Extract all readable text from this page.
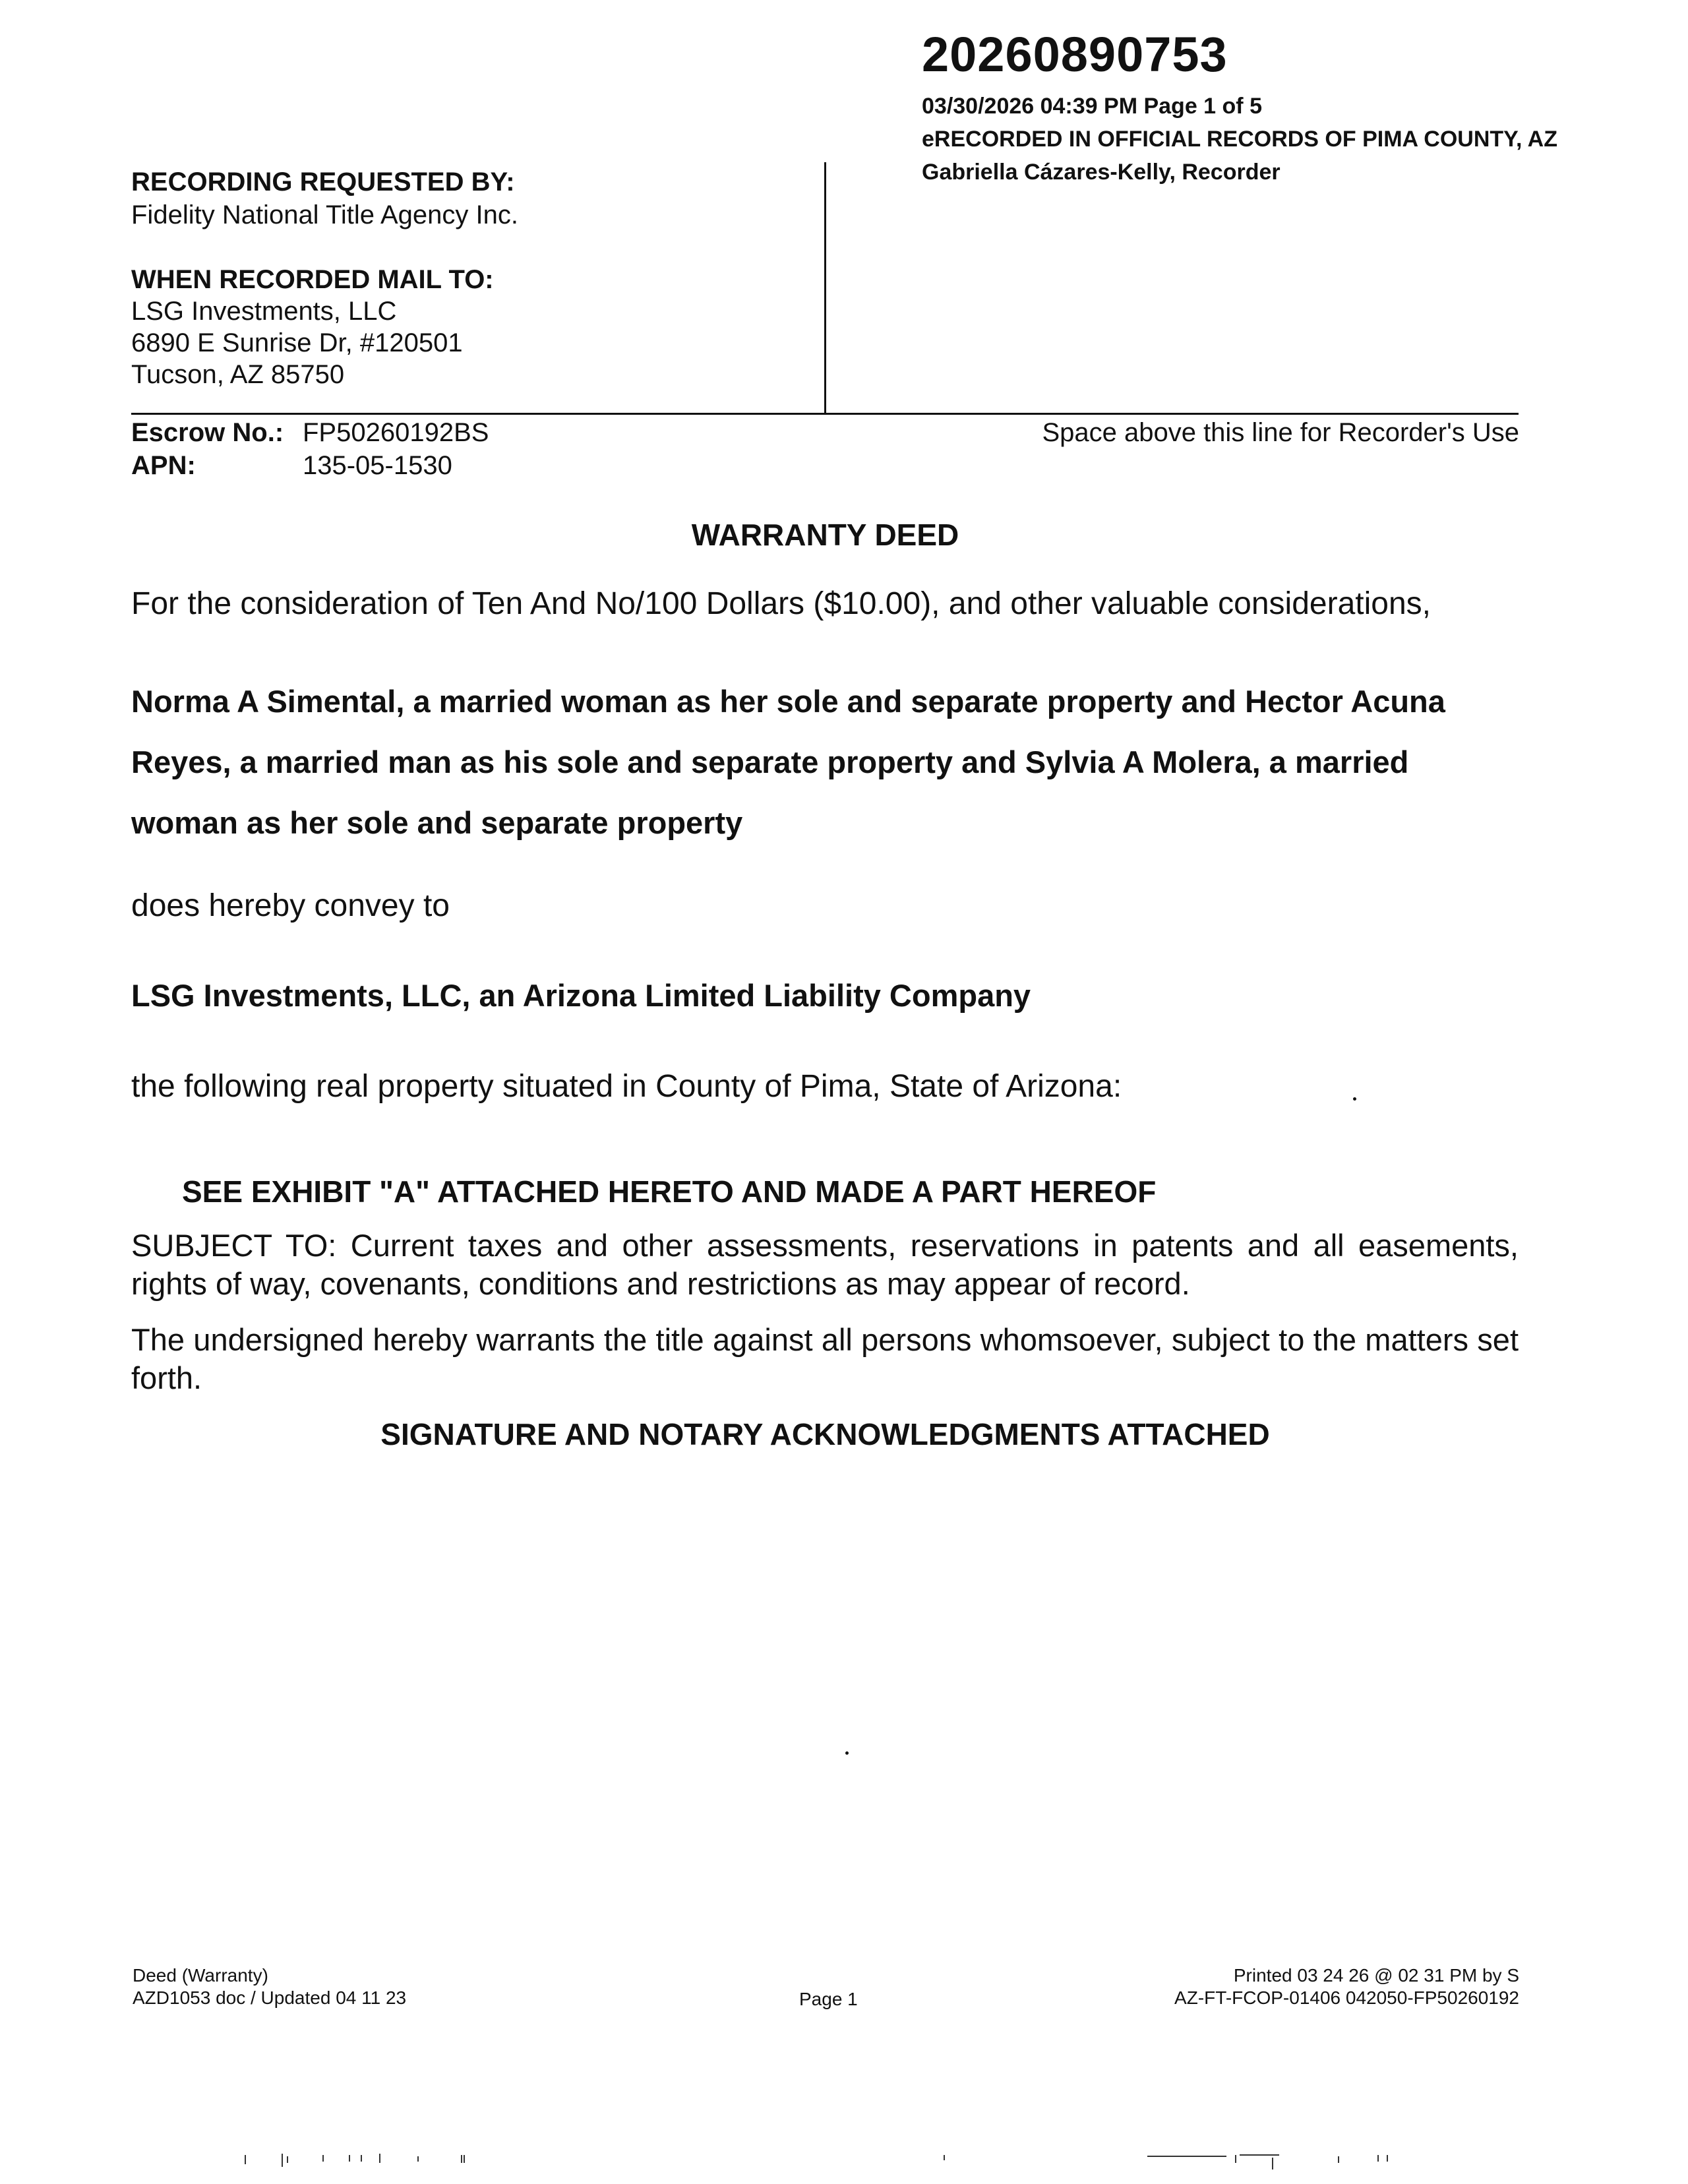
20260890753
03/30/2026 04:39 PM Page 1 of 5
eRECORDED IN OFFICIAL RECORDS OF PIMA COUNTY, AZ
Gabriella Cázares-Kelly, Recorder
RECORDING REQUESTED BY:
Fidelity National Title Agency Inc.
WHEN RECORDED MAIL TO:
LSG Investments, LLC
6890 E Sunrise Dr, #120501
Tucson, AZ 85750
Space above this line for Recorder's Use
Escrow No.: FP50260192BS
APN:	135-05-1530
WARRANTY DEED
For the consideration of Ten And No/100 Dollars ($10.00), and other valuable considerations,
Norma A Simental, a married woman as her sole and separate property and Hector Acuna Reyes, a married man as his sole and separate property and Sylvia A Molera, a married woman as her sole and separate property
does hereby convey to
LSG Investments, LLC, an Arizona Limited Liability Company
the following real property situated in County of Pima, State of Arizona:
SEE EXHIBIT "A" ATTACHED HERETO AND MADE A PART HEREOF
SUBJECT TO: Current taxes and other assessments, reservations in patents and all easements, rights of way, covenants, conditions and restrictions as may appear of record.
The undersigned hereby warrants the title against all persons whomsoever, subject to the matters set forth.
SIGNATURE AND NOTARY ACKNOWLEDGMENTS ATTACHED
Deed (Warranty)
AZD1053 doc / Updated 04 11 23	Page 1
Printed 03 24 26 @ 02 31 PM by S
AZ-FT-FCOP-01406 042050-FP50260192
